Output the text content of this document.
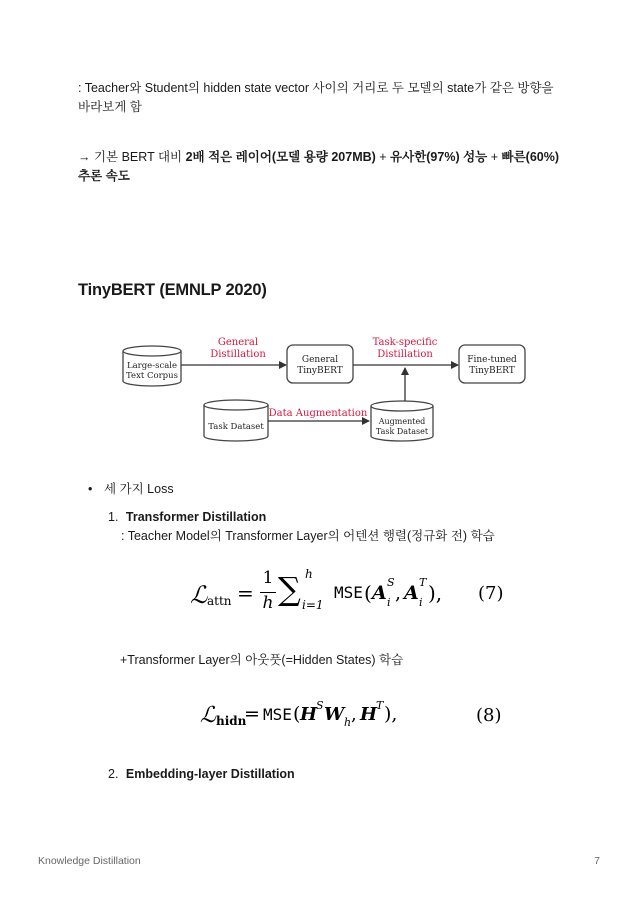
: Teacher와 Student의 hidden state vector 사이의 거리로 두 모델의 state가 같은 방향을
바라보게 함
→ 기본 BERT 대비 2배 적은 레이어(모델 용량 207MB) + 유사한(97%) 성능 + 빠른(60%)
추론 속도
TinyBERT (EMNLP 2020)
Large-scale
Text Corpus
General
Distillation	General
TinyBERT
Task-specific
Distillation	Fine-tuned
TinyBERT
Task Dataset
Data Augmentation
Augmented
Task Dataset
• 세 가지 Loss
1. Transformer Distillation
: Teacher Model의 Transformer Layer의 어텐션 행렬(정규화 전) 학습
ℒ attn =
1
h ∑ h
i=1
MSE ( A S
i , A T
i ), (7)
+Transformer Layer의 아웃풋(=Hidden States) 학습
ℒ hidn
= MSE ( H
S W h , H
T ),	(8)
2. Embedding-layer Distillation
Knowledge Distillation	7
